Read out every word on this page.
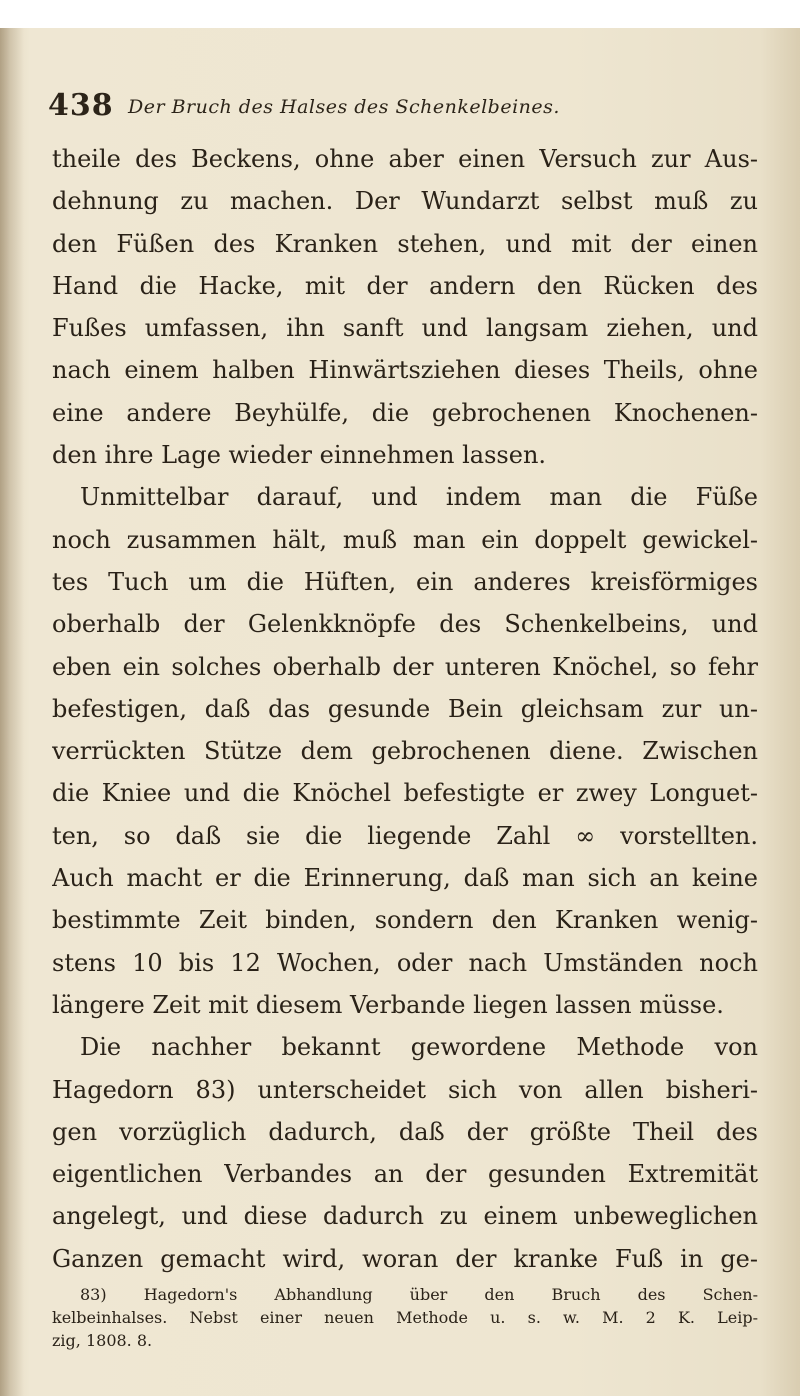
438 Der Bruch des Halses des Schenkelbeines.
theile des Beckens, ohne aber einen Versuch zur Aus-
dehnung zu machen. Der Wundarzt selbst muß zu
den Füßen des Kranken stehen, und mit der einen
Hand die Hacke, mit der andern den Rücken des
Fußes umfassen, ihn sanft und langsam ziehen, und
nach einem halben Hinwärtsziehen dieses Theils, ohne
eine andere Beyhülfe, die gebrochenen Knochenen-
den ihre Lage wieder einnehmen lassen.
Unmittelbar darauf, und indem man die Füße
noch zusammen hält, muß man ein doppelt gewickel-
tes Tuch um die Hüften, ein anderes kreisförmiges
oberhalb der Gelenkknöpfe des Schenkelbeins, und
eben ein solches oberhalb der unteren Knöchel, so fehr
befestigen, daß das gesunde Bein gleichsam zur un-
verrückten Stütze dem gebrochenen diene. Zwischen
die Kniee und die Knöchel befestigte er zwey Longuet-
ten, so daß sie die liegende Zahl ∞ vorstellten.
Auch macht er die Erinnerung, daß man sich an keine
bestimmte Zeit binden, sondern den Kranken wenig-
stens 10 bis 12 Wochen, oder nach Umständen noch
längere Zeit mit diesem Verbande liegen lassen müsse.
Die nachher bekannt gewordene Methode von
Hagedorn 83) unterscheidet sich von allen bisheri-
gen vorzüglich dadurch, daß der größte Theil des
eigentlichen Verbandes an der gesunden Extremität
angelegt, und diese dadurch zu einem unbeweglichen
Ganzen gemacht wird, woran der kranke Fuß in ge-
83) Hagedorn's Abhandlung über den Bruch des Schen-
kelbeinhalses. Nebst einer neuen Methode u. s. w. M. 2 K. Leip-
zig, 1808. 8.
